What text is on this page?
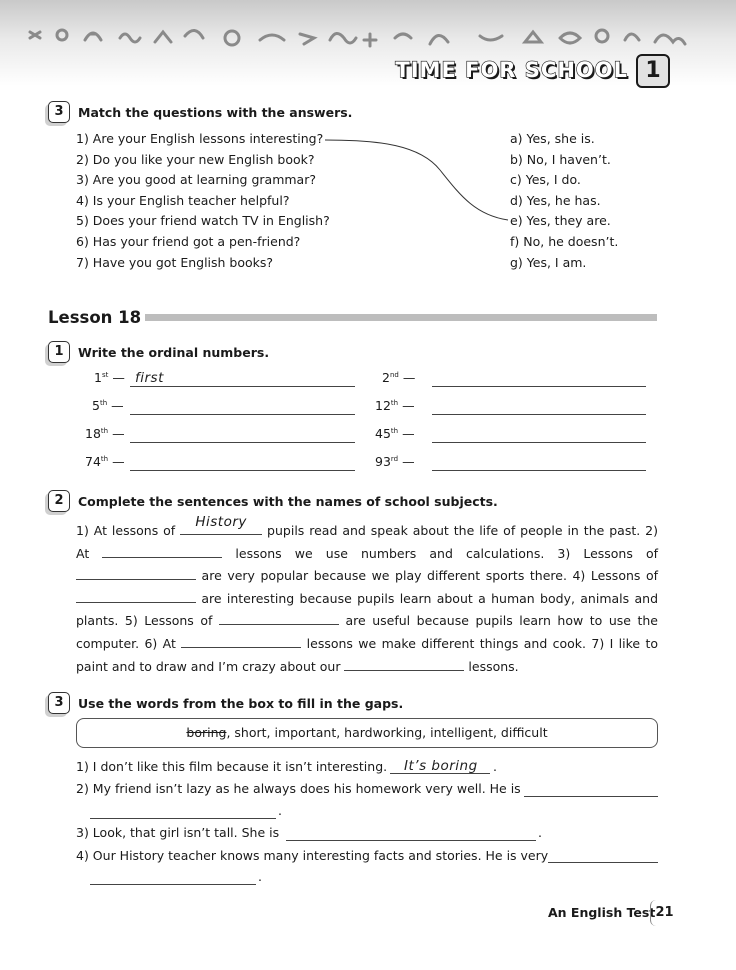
TIME FOR SCHOOL 1
3	Match the questions with the answers.
1) Are your English lessons interesting?
2) Do you like your new English book?
3) Are you good at learning grammar?
4) Is your English teacher helpful?
5) Does your friend watch TV in English?
6) Has your friend got a pen-friend?
7) Have you got English books?
a) Yes, she is.
b) No, I haven’t.
c) Yes, I do.
d) Yes, he has.
e) Yes, they are.
f) No, he doesn’t.
g) Yes, I am.
Lesson 18
1	Write the ordinal numbers.
1st — first	2nd —
5th —	12th —
18th —	45th —
74th —	93rd —
2	Complete the sentences with the names of school subjects.
1) At lessons of
History
pupils read and speak about the life of people in the past. 2) At	lessons we use numbers and calculations. 3) Lessons of  are very popular because we play different sports there. 4) Lessons of  are interesting because pupils learn about a human body, animals and plants. 5) Lessons of	are useful because pupils learn how to use the computer. 6) At	lessons we make different things and cook. 7) I like to paint and to draw and I’m crazy about our	lessons.
3	Use the words from the box to fill in the gaps.
boring, short, important, hardworking, intelligent, difficult
1) I don’t like this film because it isn’t interesting. It’s boring .
2) My friend isn’t lazy as he always does his homework very well. He is
.
3) Look, that girl isn’t tall. She is	.
4) Our History teacher knows many interesting facts and stories. He is very
.
An English Test 21
